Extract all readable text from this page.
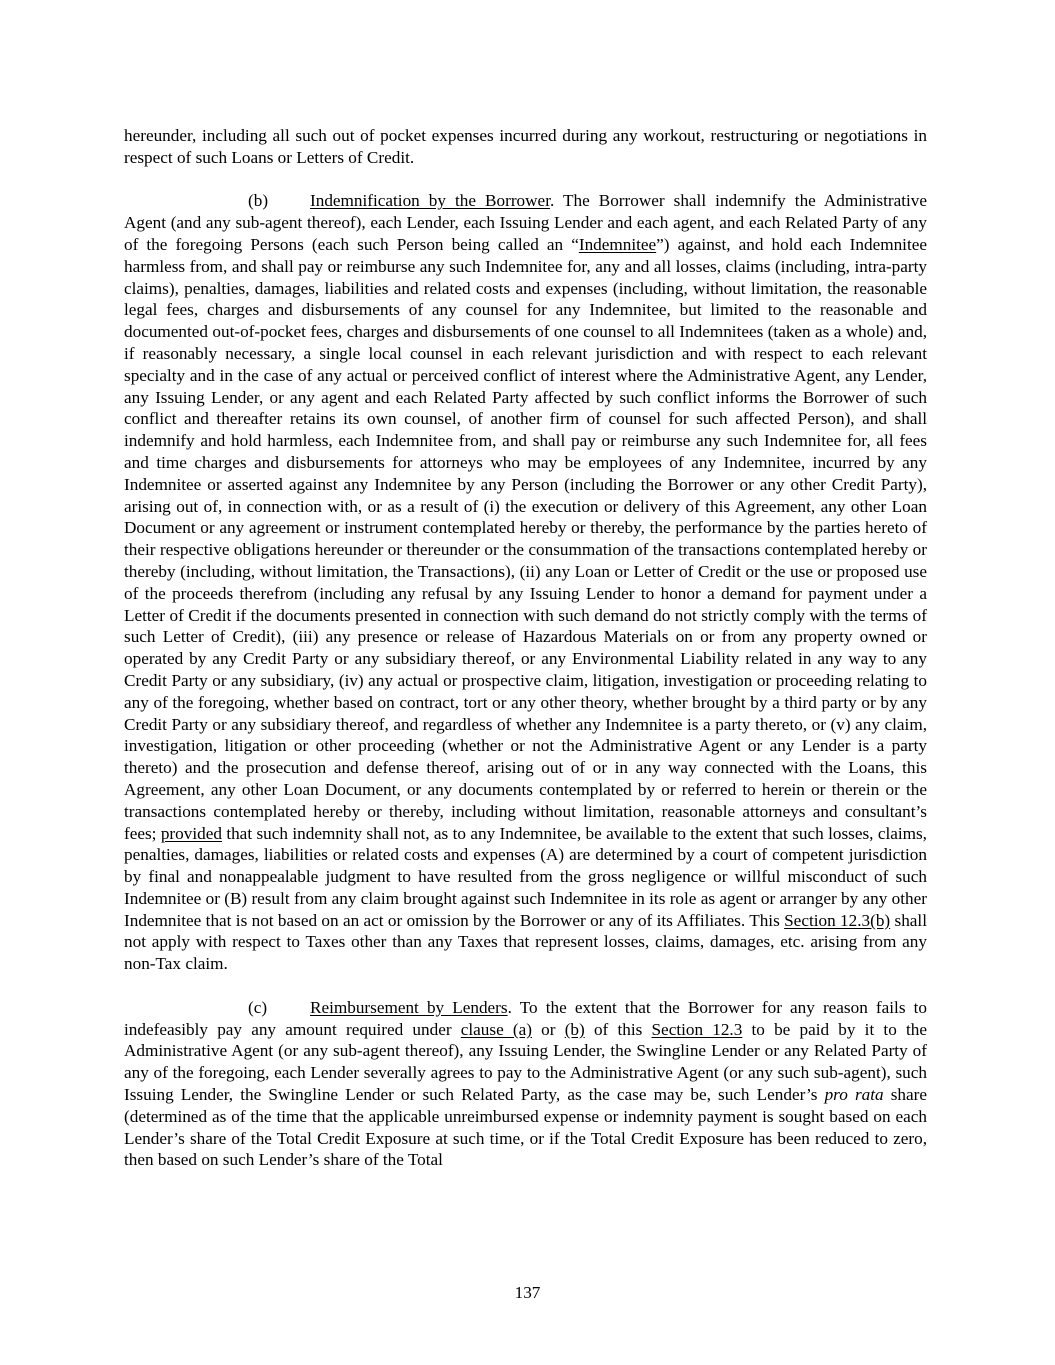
hereunder, including all such out of pocket expenses incurred during any workout, restructuring or negotiations in respect of such Loans or Letters of Credit.

(b) Indemnification by the Borrower. The Borrower shall indemnify the Administrative Agent (and any sub-agent thereof), each Lender, each Issuing Lender and each agent, and each Related Party of any of the foregoing Persons (each such Person being called an “Indemnitee”) against, and hold each Indemnitee harmless from, and shall pay or reimburse any such Indemnitee for, any and all losses, claims (including, intra-party claims), penalties, damages, liabilities and related costs and expenses (including, without limitation, the reasonable legal fees, charges and disbursements of any counsel for any Indemnitee, but limited to the reasonable and documented out-of-pocket fees, charges and disbursements of one counsel to all Indemnitees (taken as a whole) and, if reasonably necessary, a single local counsel in each relevant jurisdiction and with respect to each relevant specialty and in the case of any actual or perceived conflict of interest where the Administrative Agent, any Lender, any Issuing Lender, or any agent and each Related Party affected by such conflict informs the Borrower of such conflict and thereafter retains its own counsel, of another firm of counsel for such affected Person), and shall indemnify and hold harmless, each Indemnitee from, and shall pay or reimburse any such Indemnitee for, all fees and time charges and disbursements for attorneys who may be employees of any Indemnitee, incurred by any Indemnitee or asserted against any Indemnitee by any Person (including the Borrower or any other Credit Party), arising out of, in connection with, or as a result of (i) the execution or delivery of this Agreement, any other Loan Document or any agreement or instrument contemplated hereby or thereby, the performance by the parties hereto of their respective obligations hereunder or thereunder or the consummation of the transactions contemplated hereby or thereby (including, without limitation, the Transactions), (ii) any Loan or Letter of Credit or the use or proposed use of the proceeds therefrom (including any refusal by any Issuing Lender to honor a demand for payment under a Letter of Credit if the documents presented in connection with such demand do not strictly comply with the terms of such Letter of Credit), (iii) any presence or release of Hazardous Materials on or from any property owned or operated by any Credit Party or any subsidiary thereof, or any Environmental Liability related in any way to any Credit Party or any subsidiary, (iv) any actual or prospective claim, litigation, investigation or proceeding relating to any of the foregoing, whether based on contract, tort or any other theory, whether brought by a third party or by any Credit Party or any subsidiary thereof, and regardless of whether any Indemnitee is a party thereto, or (v) any claim, investigation, litigation or other proceeding (whether or not the Administrative Agent or any Lender is a party thereto) and the prosecution and defense thereof, arising out of or in any way connected with the Loans, this Agreement, any other Loan Document, or any documents contemplated by or referred to herein or therein or the transactions contemplated hereby or thereby, including without limitation, reasonable attorneys and consultant’s fees; provided that such indemnity shall not, as to any Indemnitee, be available to the extent that such losses, claims, penalties, damages, liabilities or related costs and expenses (A) are determined by a court of competent jurisdiction by final and nonappealable judgment to have resulted from the gross negligence or willful misconduct of such Indemnitee or (B) result from any claim brought against such Indemnitee in its role as agent or arranger by any other Indemnitee that is not based on an act or omission by the Borrower or any of its Affiliates. This Section 12.3(b) shall not apply with respect to Taxes other than any Taxes that represent losses, claims, damages, etc. arising from any non-Tax claim.

(c) Reimbursement by Lenders. To the extent that the Borrower for any reason fails to indefeasibly pay any amount required under clause (a) or (b) of this Section 12.3 to be paid by it to the Administrative Agent (or any sub-agent thereof), any Issuing Lender, the Swingline Lender or any Related Party of any of the foregoing, each Lender severally agrees to pay to the Administrative Agent (or any such sub-agent), such Issuing Lender, the Swingline Lender or such Related Party, as the case may be, such Lender’s pro rata share (determined as of the time that the applicable unreimbursed expense or indemnity payment is sought based on each Lender’s share of the Total Credit Exposure at such time, or if the Total Credit Exposure has been reduced to zero, then based on such Lender’s share of the Total

137
